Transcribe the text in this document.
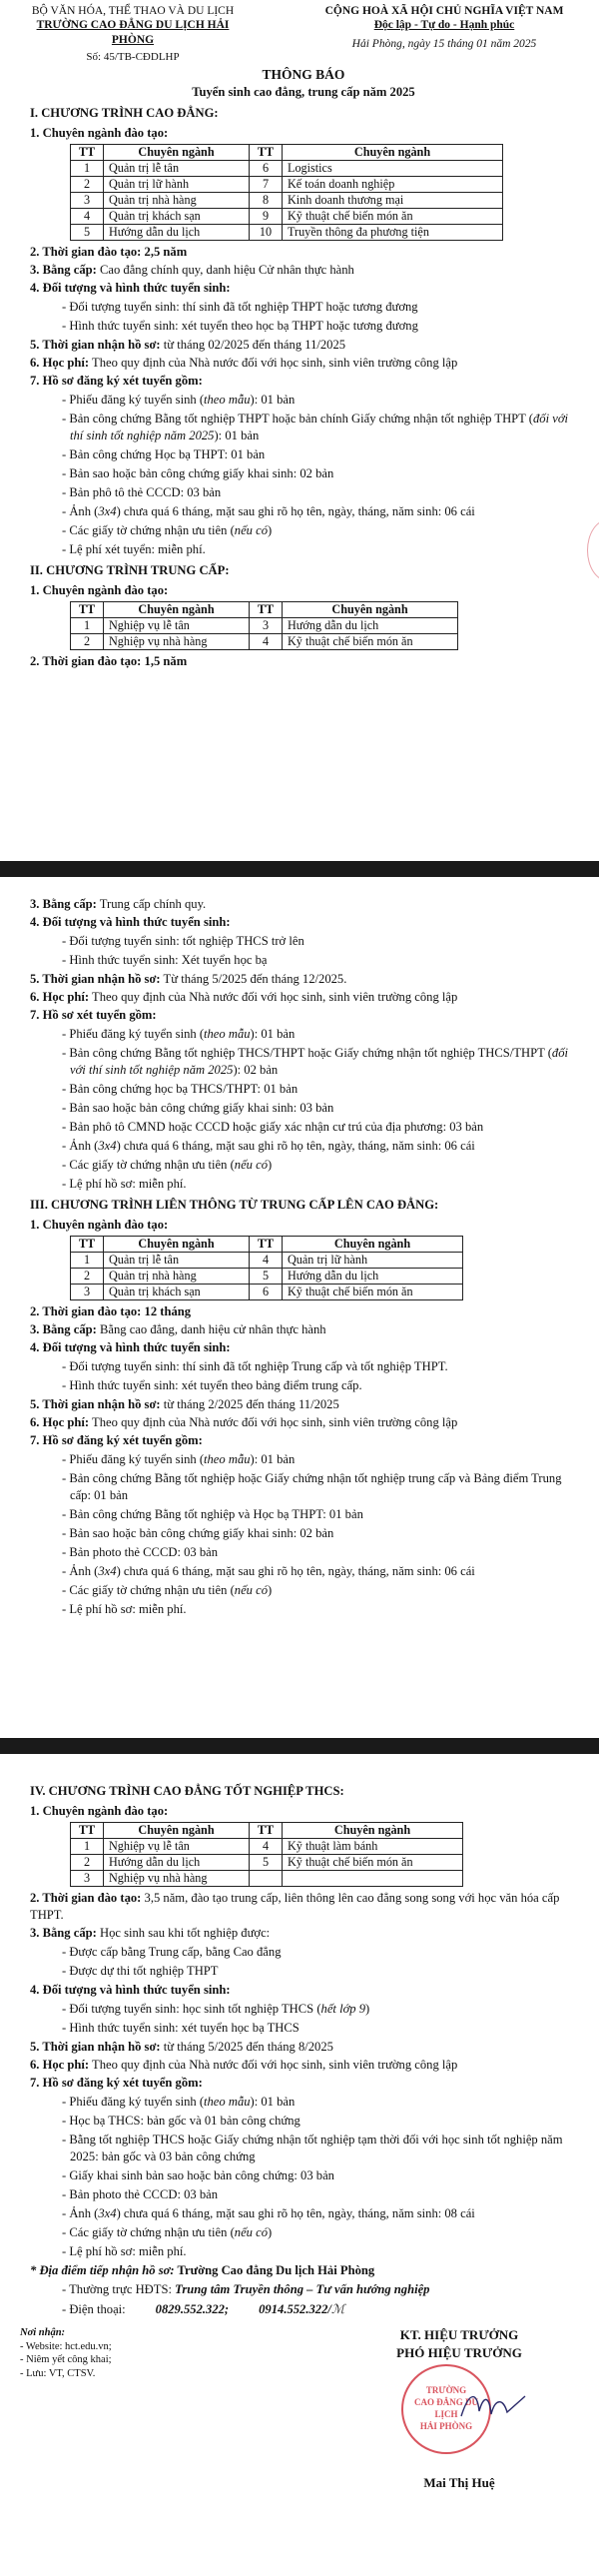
BỘ VĂN HÓA, THỂ THAO VÀ DU LỊCH
TRƯỜNG CAO ĐẲNG DU LỊCH HẢI PHÒNG
Số: 45/TB-CĐDLHP
CỘNG HOÀ XÃ HỘI CHỦ NGHĨA VIỆT NAM
Độc lập - Tự do - Hạnh phúc
Hải Phòng, ngày 15 tháng 01 năm 2025
THÔNG BÁO
Tuyển sinh cao đẳng, trung cấp năm 2025
I. CHƯƠNG TRÌNH CAO ĐẲNG:
1. Chuyên ngành đào tạo:
TT	Chuyên ngành	TT	Chuyên ngành
1	Quản trị lễ tân	6	Logistics
2	Quản trị lữ hành	7	Kế toán doanh nghiệp
3	Quản trị nhà hàng	8	Kinh doanh thương mại
4	Quản trị khách sạn	9	Kỹ thuật chế biến món ăn
5	Hướng dẫn du lịch	10	Truyền thông đa phương tiện
2. Thời gian đào tạo: 2,5 năm
3. Bằng cấp: Cao đẳng chính quy, danh hiệu Cử nhân thực hành
4. Đối tượng và hình thức tuyển sinh:
- Đối tượng tuyển sinh: thí sinh đã tốt nghiệp THPT hoặc tương đương
- Hình thức tuyển sinh: xét tuyển theo học bạ THPT hoặc tương đương
5. Thời gian nhận hồ sơ: từ tháng 02/2025 đến tháng 11/2025
6. Học phí: Theo quy định của Nhà nước đối với học sinh, sinh viên trường công lập
7. Hồ sơ đăng ký xét tuyển gồm:
- Phiếu đăng ký tuyển sinh (theo mẫu): 01 bản
- Bản công chứng Bằng tốt nghiệp THPT hoặc bản chính Giấy chứng nhận tốt nghiệp THPT (đối với thí sinh tốt nghiệp năm 2025): 01 bản
- Bản công chứng Học bạ THPT: 01 bản
- Bản sao hoặc bản công chứng giấy khai sinh: 02 bản
- Bản phô tô thẻ CCCD: 03 bản
- Ảnh (3x4) chưa quá 6 tháng, mặt sau ghi rõ họ tên, ngày, tháng, năm sinh: 06 cái
- Các giấy tờ chứng nhận ưu tiên (nếu có)
- Lệ phí xét tuyển: miễn phí.
II. CHƯƠNG TRÌNH TRUNG CẤP:
1. Chuyên ngành đào tạo:
TT	Chuyên ngành	TT	Chuyên ngành
1	Nghiệp vụ lễ tân	3	Hướng dẫn du lịch
2	Nghiệp vụ nhà hàng	4	Kỹ thuật chế biến món ăn
2. Thời gian đào tạo: 1,5 năm
3. Bằng cấp: Trung cấp chính quy.
4. Đối tượng và hình thức tuyển sinh:
- Đối tượng tuyển sinh: tốt nghiệp THCS trở lên
- Hình thức tuyển sinh: Xét tuyển học bạ
5. Thời gian nhận hồ sơ: Từ tháng 5/2025 đến tháng 12/2025.
6. Học phí: Theo quy định của Nhà nước đối với học sinh, sinh viên trường công lập
7. Hồ sơ xét tuyển gồm:
- Phiếu đăng ký tuyển sinh (theo mẫu): 01 bản
- Bản công chứng Bằng tốt nghiệp THCS/THPT hoặc Giấy chứng nhận tốt nghiệp THCS/THPT (đối với thí sinh tốt nghiệp năm 2025): 02 bản
- Bản công chứng học bạ THCS/THPT: 01 bản
- Bản sao hoặc bản công chứng giấy khai sinh: 03 bản
- Bản phô tô CMND hoặc CCCD hoặc giấy xác nhận cư trú của địa phương: 03 bản
- Ảnh (3x4) chưa quá 6 tháng, mặt sau ghi rõ họ tên, ngày, tháng, năm sinh: 06 cái
- Các giấy tờ chứng nhận ưu tiên (nếu có)
- Lệ phí hồ sơ: miễn phí.
III. CHƯƠNG TRÌNH LIÊN THÔNG TỪ TRUNG CẤP LÊN CAO ĐẲNG:
1. Chuyên ngành đào tạo:
TT	Chuyên ngành	TT	Chuyên ngành
1	Quản trị lễ tân	4	Quản trị lữ hành
2	Quản trị nhà hàng	5	Hướng dẫn du lịch
3	Quản trị khách sạn	6	Kỹ thuật chế biến món ăn
2. Thời gian đào tạo: 12 tháng
3. Bằng cấp: Bằng cao đẳng, danh hiệu cử nhân thực hành
4. Đối tượng và hình thức tuyển sinh:
- Đối tượng tuyển sinh: thí sinh đã tốt nghiệp Trung cấp và tốt nghiệp THPT.
- Hình thức tuyển sinh: xét tuyển theo bảng điểm trung cấp.
5. Thời gian nhận hồ sơ: từ tháng 2/2025 đến tháng 11/2025
6. Học phí: Theo quy định của Nhà nước đối với học sinh, sinh viên trường công lập
7. Hồ sơ đăng ký xét tuyển gồm:
- Phiếu đăng ký tuyển sinh (theo mẫu): 01 bản
- Bản công chứng Bằng tốt nghiệp hoặc Giấy chứng nhận tốt nghiệp trung cấp và Bảng điểm Trung cấp: 01 bản
- Bản công chứng Bằng tốt nghiệp và Học bạ THPT: 01 bản
- Bản sao hoặc bản công chứng giấy khai sinh: 02 bản
- Bản photo thẻ CCCD: 03 bản
- Ảnh (3x4) chưa quá 6 tháng, mặt sau ghi rõ họ tên, ngày, tháng, năm sinh: 06 cái
- Các giấy tờ chứng nhận ưu tiên (nếu có)
- Lệ phí hồ sơ: miễn phí.
IV. CHƯƠNG TRÌNH CAO ĐẲNG TỐT NGHIỆP THCS:
1. Chuyên ngành đào tạo:
TT	Chuyên ngành	TT	Chuyên ngành
1	Nghiệp vụ lễ tân	4	Kỹ thuật làm bánh
2	Hướng dẫn du lịch	5	Kỹ thuật chế biến món ăn
3	Nghiệp vụ nhà hàng		
2. Thời gian đào tạo: 3,5 năm, đào tạo trung cấp, liên thông lên cao đẳng song song với học văn hóa cấp THPT.
3. Bằng cấp: Học sinh sau khi tốt nghiệp được:
- Được cấp bằng Trung cấp, bằng Cao đẳng
- Được dự thi tốt nghiệp THPT
4. Đối tượng và hình thức tuyển sinh:
- Đối tượng tuyển sinh: học sinh tốt nghiệp THCS (hết lớp 9)
- Hình thức tuyển sinh: xét tuyển học bạ THCS
5. Thời gian nhận hồ sơ: từ tháng 5/2025 đến tháng 8/2025
6. Học phí: Theo quy định của Nhà nước đối với học sinh, sinh viên trường công lập
7. Hồ sơ đăng ký xét tuyển gồm:
- Phiếu đăng ký tuyển sinh (theo mẫu): 01 bản
- Học bạ THCS: bản gốc và 01 bản công chứng
- Bằng tốt nghiệp THCS hoặc Giấy chứng nhận tốt nghiệp tạm thời đối với học sinh tốt nghiệp năm 2025: bản gốc và 03 bản công chứng
- Giấy khai sinh bản sao hoặc bản công chứng: 03 bản
- Bản photo thẻ CCCD: 03 bản
- Ảnh (3x4) chưa quá 6 tháng, mặt sau ghi rõ họ tên, ngày, tháng, năm sinh: 08 cái
- Các giấy tờ chứng nhận ưu tiên (nếu có)
- Lệ phí hồ sơ: miễn phí.
* Địa điểm tiếp nhận hồ sơ: Trường Cao đẳng Du lịch Hải Phòng
- Thường trực HĐTS: Trung tâm Truyền thông – Tư vấn hướng nghiệp
- Điện thoại: 0829.552.322; 0914.552.322/ℳ
Nơi nhận:
- Website: hct.edu.vn;
- Niêm yết công khai;
- Lưu: VT, CTSV.
KT. HIỆU TRƯỞNG
PHÓ HIỆU TRƯỞNG
TRƯỜNG
CAO ĐẲNG DU LỊCH
HẢI PHÒNG
Mai Thị Huệ
